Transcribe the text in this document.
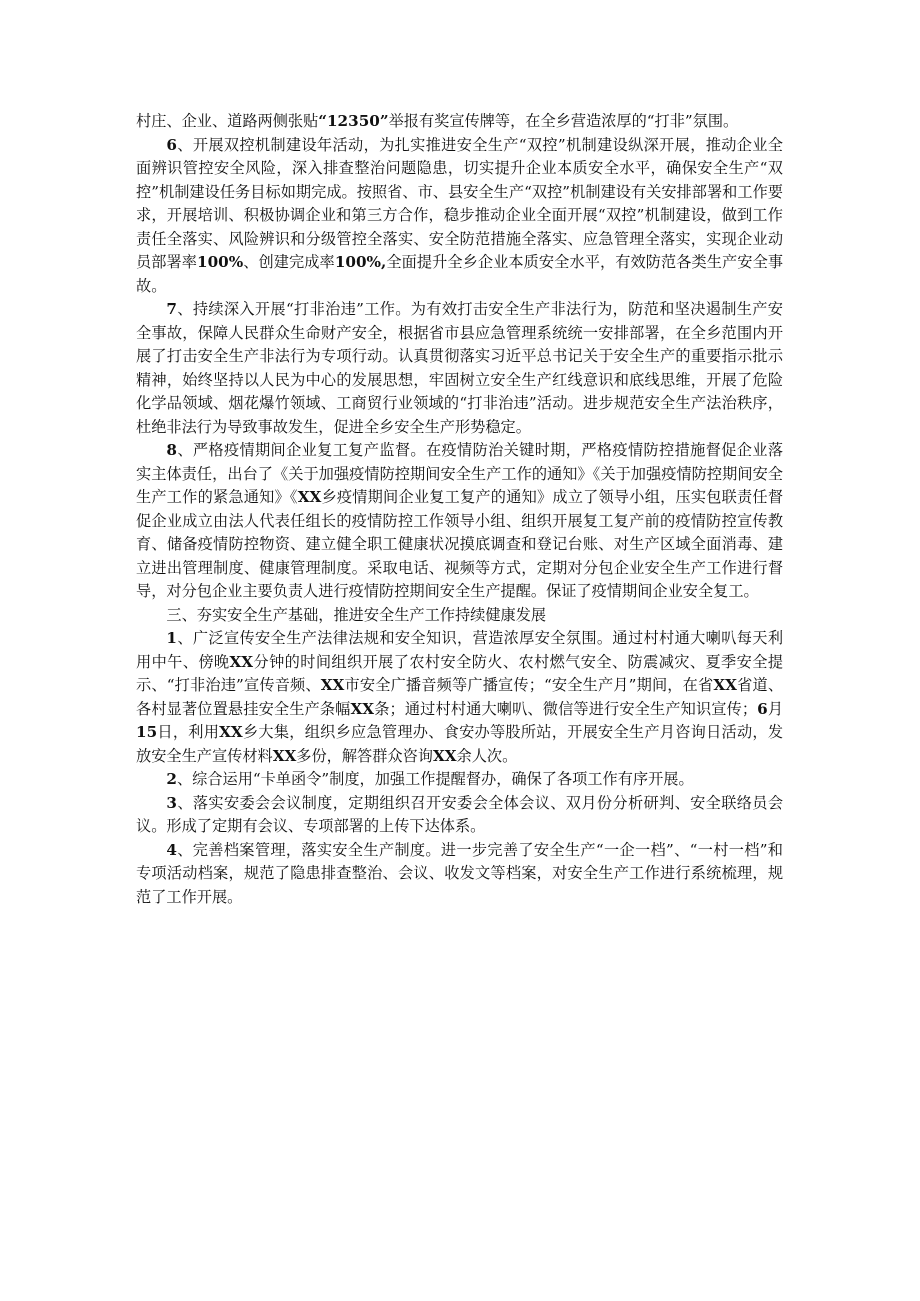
村庄、企业、道路两侧张贴“12350”举报有奖宣传牌等，在全乡营造浓厚的“打非”氛围。

6、开展双控机制建设年活动，为扎实推进安全生产“双控”机制建设纵深开展，推动企业全面辨识管控安全风险，深入排查整治问题隐患，切实提升企业本质安全水平，确保安全生产“双控”机制建设任务目标如期完成。按照省、市、县安全生产“双控”机制建设有关安排部署和工作要求，开展培训、积极协调企业和第三方合作，稳步推动企业全面开展“双控”机制建设，做到工作责任全落实、风险辨识和分级管控全落实、安全防范措施全落实、应急管理全落实，实现企业动员部署率100%、创建完成率100%,全面提升全乡企业本质安全水平，有效防范各类生产安全事故。

7、持续深入开展“打非治违”工作。为有效打击安全生产非法行为，防范和坚决遏制生产安全事故，保障人民群众生命财产安全，根据省市县应急管理系统统一安排部署，在全乡范围内开展了打击安全生产非法行为专项行动。认真贯彻落实习近平总书记关于安全生产的重要指示批示精神，始终坚持以人民为中心的发展思想，牢固树立安全生产红线意识和底线思维，开展了危险化学品领域、烟花爆竹领域、工商贸行业领域的“打非治违”活动。进步规范安全生产法治秩序，杜绝非法行为导致事故发生，促进全乡安全生产形势稳定。

8、严格疫情期间企业复工复产监督。在疫情防治关键时期，严格疫情防控措施督促企业落实主体责任，出台了《关于加强疫情防控期间安全生产工作的通知》《关于加强疫情防控期间安全生产工作的紧急通知》《XX乡疫情期间企业复工复产的通知》成立了领导小组，压实包联责任督促企业成立由法人代表任组长的疫情防控工作领导小组、组织开展复工复产前的疫情防控宣传教育、储备疫情防控物资、建立健全职工健康状况摸底调查和登记台账、对生产区域全面消毒、建立进出管理制度、健康管理制度。采取电话、视频等方式，定期对分包企业安全生产工作进行督导，对分包企业主要负责人进行疫情防控期间安全生产提醒。保证了疫情期间企业安全复工。

三、夯实安全生产基础，推进安全生产工作持续健康发展

1、广泛宣传安全生产法律法规和安全知识，营造浓厚安全氛围。通过村村通大喇叭每天利用中午、傍晚XX分钟的时间组织开展了农村安全防火、农村燃气安全、防震减灾、夏季安全提示、“打非治违”宣传音频、XX市安全广播音频等广播宣传；“安全生产月”期间，在省XX省道、各村显著位置悬挂安全生产条幅XX条；通过村村通大喇叭、微信等进行安全生产知识宣传；6月15日，利用XX乡大集，组织乡应急管理办、食安办等股所站，开展安全生产月咨询日活动，发放安全生产宣传材料XX多份，解答群众咨询XX余人次。

2、综合运用“卡单函令”制度，加强工作提醒督办，确保了各项工作有序开展。

3、落实安委会会议制度，定期组织召开安委会全体会议、双月份分析研判、安全联络员会议。形成了定期有会议、专项部署的上传下达体系。

4、完善档案管理，落实安全生产制度。进一步完善了安全生产“一企一档”、“一村一档”和专项活动档案，规范了隐患排查整治、会议、收发文等档案，对安全生产工作进行系统梳理，规范了工作开展。
